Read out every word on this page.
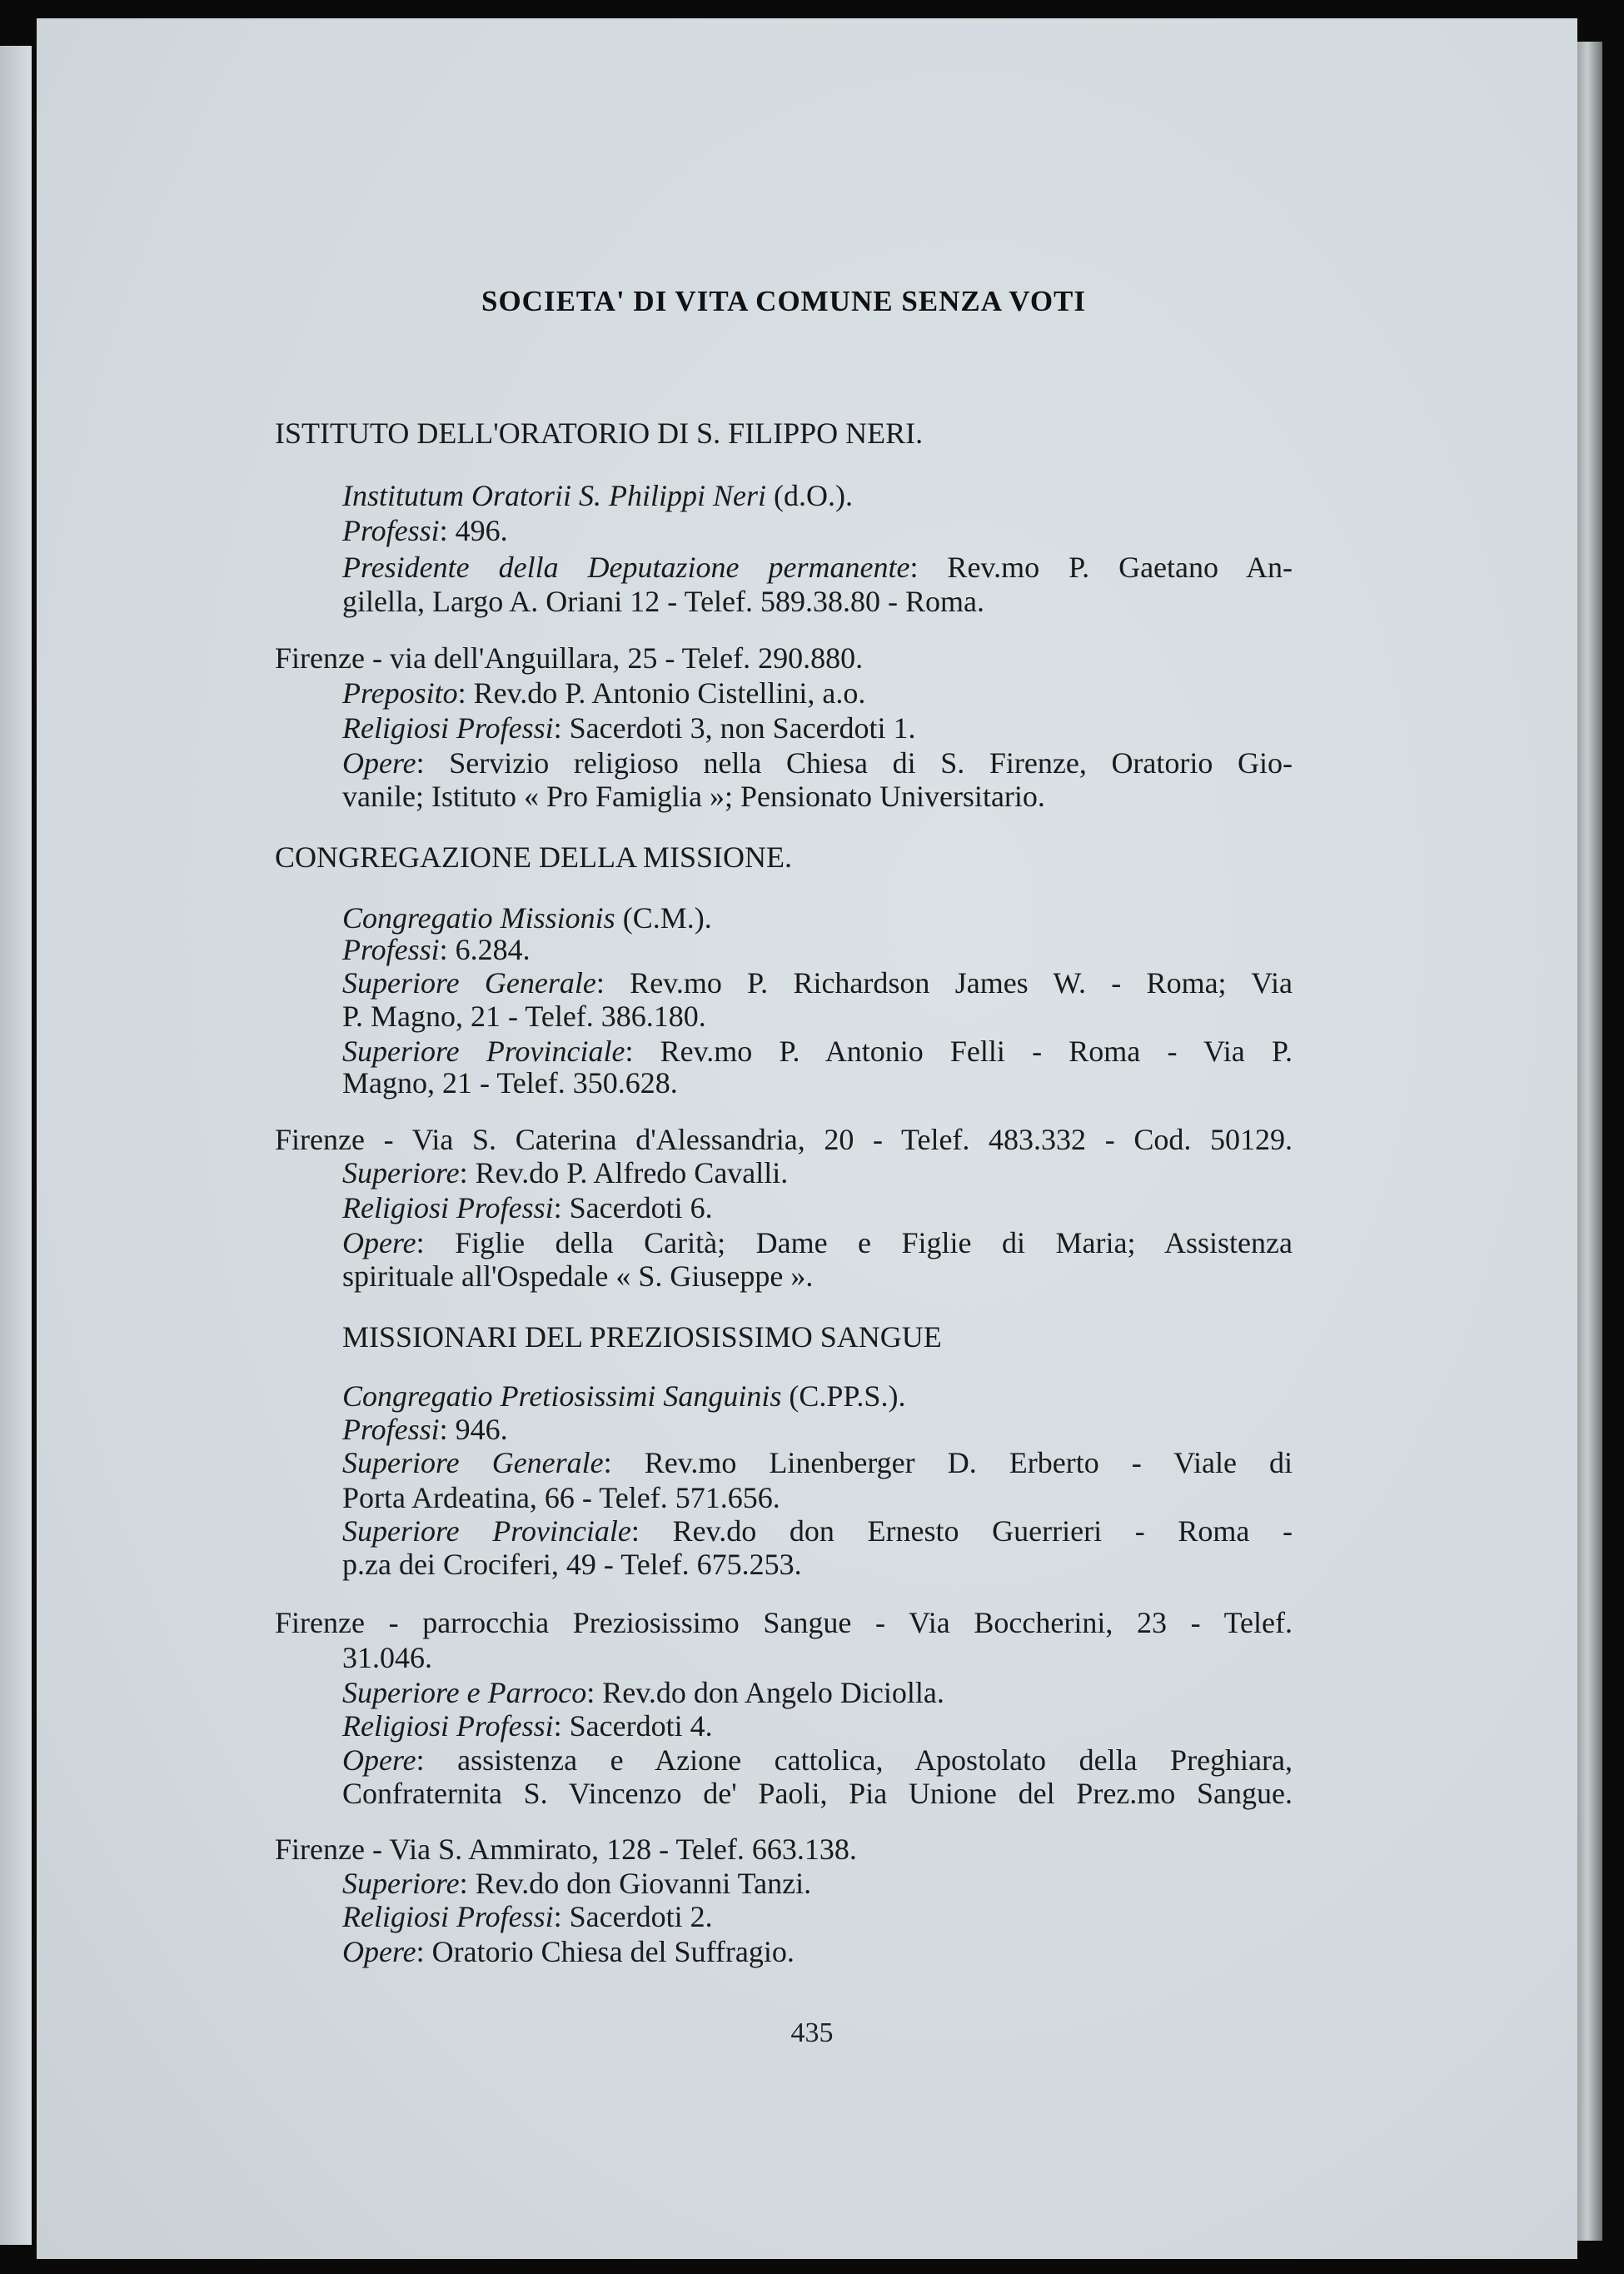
SOCIETA' DI VITA COMUNE SENZA VOTI
ISTITUTO DELL'ORATORIO DI S. FILIPPO NERI.
Institutum Oratorii S. Philippi Neri (d.O.).
Professi: 496.
Presidente della Deputazione permanente: Rev.mo P. Gaetano An-
gilella, Largo A. Oriani 12 - Telef. 589.38.80 - Roma.
Firenze - via dell'Anguillara, 25 - Telef. 290.880.
Preposito: Rev.do P. Antonio Cistellini, a.o.
Religiosi Professi: Sacerdoti 3, non Sacerdoti 1.
Opere: Servizio religioso nella Chiesa di S. Firenze, Oratorio Gio-
vanile; Istituto « Pro Famiglia »; Pensionato Universitario.
CONGREGAZIONE DELLA MISSIONE.
Congregatio Missionis (C.M.).
Professi: 6.284.
Superiore Generale: Rev.mo P. Richardson James W. - Roma; Via
P. Magno, 21 - Telef. 386.180.
Superiore Provinciale: Rev.mo P. Antonio Felli - Roma - Via P.
Magno, 21 - Telef. 350.628.
Firenze - Via S. Caterina d'Alessandria, 20 - Telef. 483.332 - Cod. 50129.
Superiore: Rev.do P. Alfredo Cavalli.
Religiosi Professi: Sacerdoti 6.
Opere: Figlie della Carità; Dame e Figlie di Maria; Assistenza
spirituale all'Ospedale « S. Giuseppe ».
MISSIONARI DEL PREZIOSISSIMO SANGUE
Congregatio Pretiosissimi Sanguinis (C.PP.S.).
Professi: 946.
Superiore Generale: Rev.mo Linenberger D. Erberto - Viale di
Porta Ardeatina, 66 - Telef. 571.656.
Superiore Provinciale: Rev.do don Ernesto Guerrieri - Roma -
p.za dei Crociferi, 49 - Telef. 675.253.
Firenze - parrocchia Preziosissimo Sangue - Via Boccherini, 23 - Telef.
31.046.
Superiore e Parroco: Rev.do don Angelo Diciolla.
Religiosi Professi: Sacerdoti 4.
Opere: assistenza e Azione cattolica, Apostolato della Preghiara,
Confraternita S. Vincenzo de' Paoli, Pia Unione del Prez.mo Sangue.
Firenze - Via S. Ammirato, 128 - Telef. 663.138.
Superiore: Rev.do don Giovanni Tanzi.
Religiosi Professi: Sacerdoti 2.
Opere: Oratorio Chiesa del Suffragio.
435
